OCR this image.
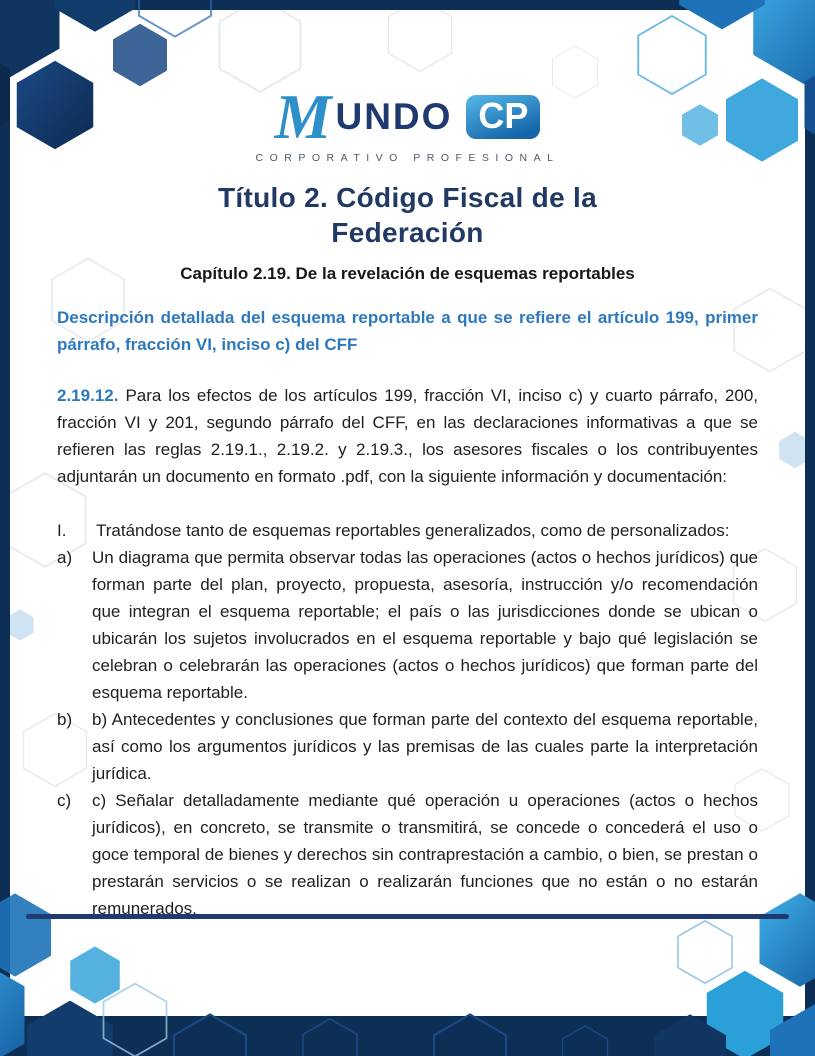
M UNDO CP
CORPORATIVO PROFESIONAL
Título 2. Código Fiscal de la
Federación
Capítulo 2.19. De la revelación de esquemas reportables

Descripción detallada del esquema reportable a que se refiere el artículo 199, primer párrafo, fracción VI, inciso c) del CFF

2.19.12. Para los efectos de los artículos 199, fracción VI, inciso c) y cuarto párrafo, 200, fracción VI y 201, segundo párrafo del CFF, en las declaraciones informativas a que se refieren las reglas 2.19.1., 2.19.2. y 2.19.3., los asesores fiscales o los contribuyentes adjuntarán un documento en formato .pdf, con la siguiente información y documentación:

I. Tratándose tanto de esquemas reportables generalizados, como de personalizados:
a) Un diagrama que permita observar todas las operaciones (actos o hechos jurídicos) que forman parte del plan, proyecto, propuesta, asesoría, instrucción y/o recomendación que integran el esquema reportable; el país o las jurisdicciones donde se ubican o ubicarán los sujetos involucrados en el esquema reportable y bajo qué legislación se celebran o celebrarán las operaciones (actos o hechos jurídicos) que forman parte del esquema reportable.
b) b) Antecedentes y conclusiones que forman parte del contexto del esquema reportable, así como los argumentos jurídicos y las premisas de las cuales parte la interpretación jurídica.
c) c) Señalar detalladamente mediante qué operación u operaciones (actos o hechos jurídicos), en concreto, se transmite o transmitirá, se concede o concederá el uso o goce temporal de bienes y derechos sin contraprestación a cambio, o bien, se prestan o prestarán servicios o se realizan o realizarán funciones que no están o no estarán remunerados.
